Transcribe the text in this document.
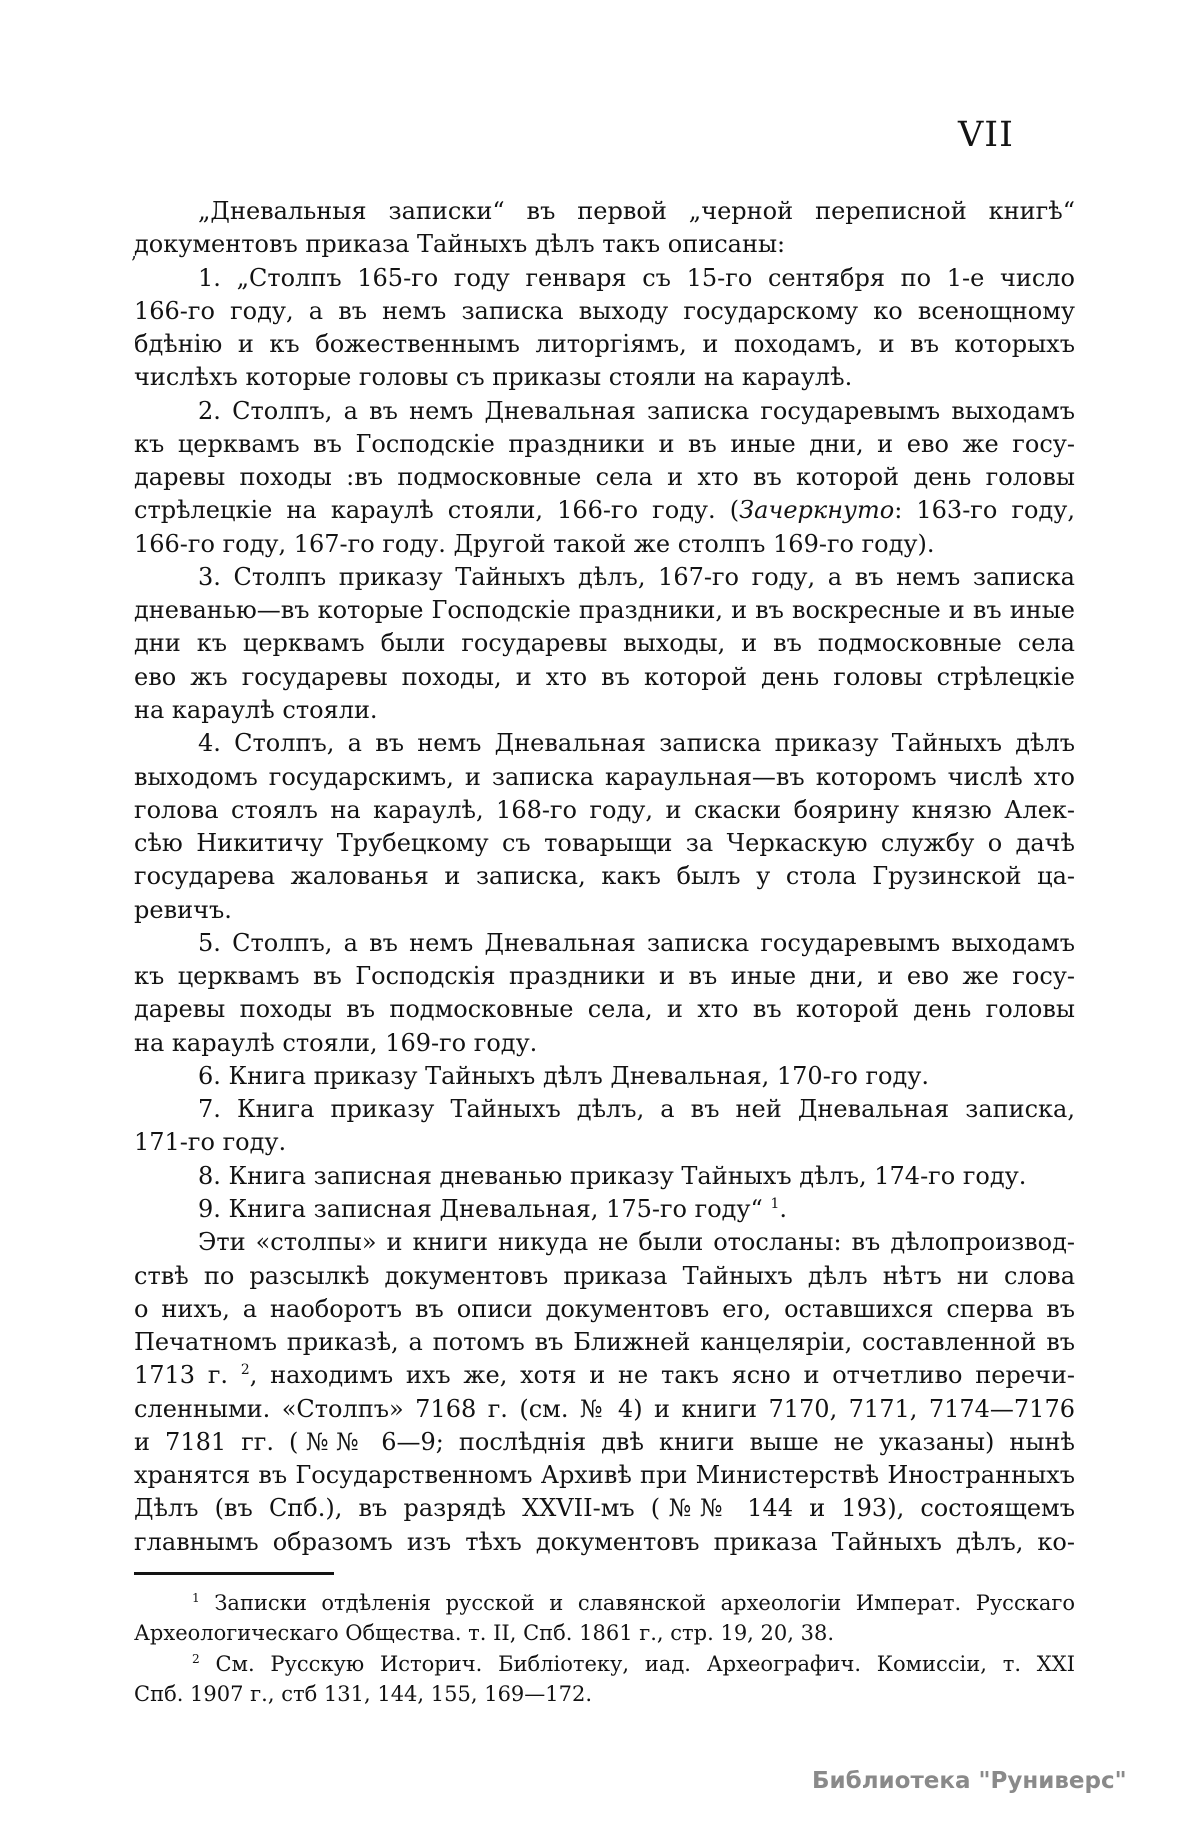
VII
ʼ
„Дневальныя записки“ въ первой „черной переписной книгѣ“
документовъ приказа Тайныхъ дѣлъ такъ описаны:
1. „Столпъ 165-го году генваря съ 15-го сентября по 1-е число
166-го году, а въ немъ записка выходу государскому ко всенощному
бдѣнію и къ божественнымъ литоргіямъ, и походамъ, и въ которыхъ
числѣхъ которые головы съ приказы стояли на караулѣ.
2. Столпъ, а въ немъ Дневальная записка государевымъ выходамъ
къ церквамъ въ Господскіе праздники и въ иные дни, и ево же госу-
даревы походы :въ подмосковные села и хто въ которой день головы
стрѣлецкіе на караулѣ стояли, 166-го году. (Зачеркнуто: 163-го году,
166-го году, 167-го году. Другой такой же столпъ 169-го году).
3. Столпъ приказу Тайныхъ дѣлъ, 167-го году, а въ немъ записка
дневанью—въ которые Господскіе праздники, и въ воскресные и въ иные
дни къ церквамъ были государевы выходы, и въ подмосковные села
ево жъ государевы походы, и хто въ которой день головы стрѣлецкіе
на караулѣ стояли.
4. Столпъ, а въ немъ Дневальная записка приказу Тайныхъ дѣлъ
выходомъ государскимъ, и записка караульная—въ которомъ числѣ хто
голова стоялъ на караулѣ, 168-го году, и скаски боярину князю Алек-
сѣю Никитичу Трубецкому съ товарыщи за Черкаскую службу о дачѣ
государева жалованья и записка, какъ былъ у стола Грузинской ца-
ревичъ.
5. Столпъ, а въ немъ Дневальная записка государевымъ выходамъ
къ церквамъ въ Господскія праздники и въ иные дни, и ево же госу-
даревы походы въ подмосковные села, и хто въ которой день головы
на караулѣ стояли, 169-го году.
6. Книга приказу Тайныхъ дѣлъ Дневальная, 170-го году.
7. Книга приказу Тайныхъ дѣлъ, а въ ней Дневальная записка,
171-го году.
8. Книга записная дневанью приказу Тайныхъ дѣлъ, 174-го году.
9. Книга записная Дневальная, 175-го году“ $^1$.
Эти «столпы» и книги никуда не были отосланы: въ дѣлопроизвод-
ствѣ по разсылкѣ документовъ приказа Тайныхъ дѣлъ нѣтъ ни слова
о нихъ, а наоборотъ въ описи документовъ его, оставшихся сперва въ
Печатномъ приказѣ, а потомъ въ Ближней канцеляріи, составленной въ
1713 г. $^2$, находимъ ихъ же, хотя и не такъ ясно и отчетливо перечи-
сленными. «Столпъ» 7168 г. (см. № 4) и книги 7170, 7171, 7174—7176
и 7181 гг. (№№ 6—9; послѣднія двѣ книги выше не указаны) нынѣ
хранятся въ Государственномъ Архивѣ при Министерствѣ Иностранныхъ
Дѣлъ (въ Спб.), въ разрядѣ XXVII-мъ (№№ 144 и 193), состоящемъ
главнымъ образомъ изъ тѣхъ документовъ приказа Тайныхъ дѣлъ, ко-
$^1$ Записки отдѣленія русской и славянской археологіи Императ. Русскаго
Археологическаго Общества. т. II, Спб. 1861 г., стр. 19, 20, 38.
$^2$ См. Русскую Историч. Библіотеку, иад. Археографич. Комиссіи, т. XXI
Спб. 1907 г., стб 131, 144, 155, 169—172.
Библиотека "Руниверс"
